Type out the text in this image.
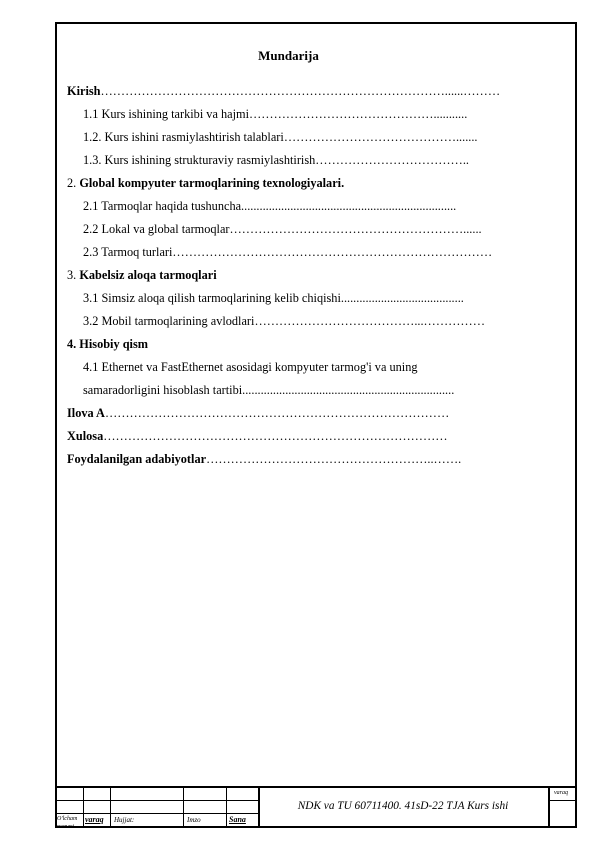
Mundarija
Kirish…………………………………………………………………………......………
1.1 Kurs ishining tarkibi va hajmi………………………………………...........
1.2. Kurs ishini rasmiylashtirish talablari…………………………………….......
1.3. Kurs ishining strukturaviy rasmiylashtirish………………………………..
2. Global kompyuter tarmoqlarining texnologiyalari.
2.1 Tarmoqlar haqida tushuncha......................................................................
2.2 Lokal va global tarmoqlar…………………………………………………......
2.3 Tarmoq turlari……………………………………………………………………
3. Kabelsiz aloqa tarmoqlari
3.1 Simsiz aloqa qilish tarmoqlarining kelib chiqishi........................................
3.2 Mobil tarmoqlarining avlodlari…………………………………...……………
4. Hisobiy qism
4.1 Ethernet va FastEthernet asosidagi kompyuter tarmog'i va uning
samaradorligini hisoblash tartibi.....................................................................
Ilova A…………………………………………………………………………
Xulosa…………………………………………………………………………
Foydalanilgan adabiyotlar………………………………………………..…….
O'lcham
nomeri
varaq Hujjat:	Imzo	Sana
NDK va TU 60711400. 41sD-22 TJA Kurs ishi
varaq
